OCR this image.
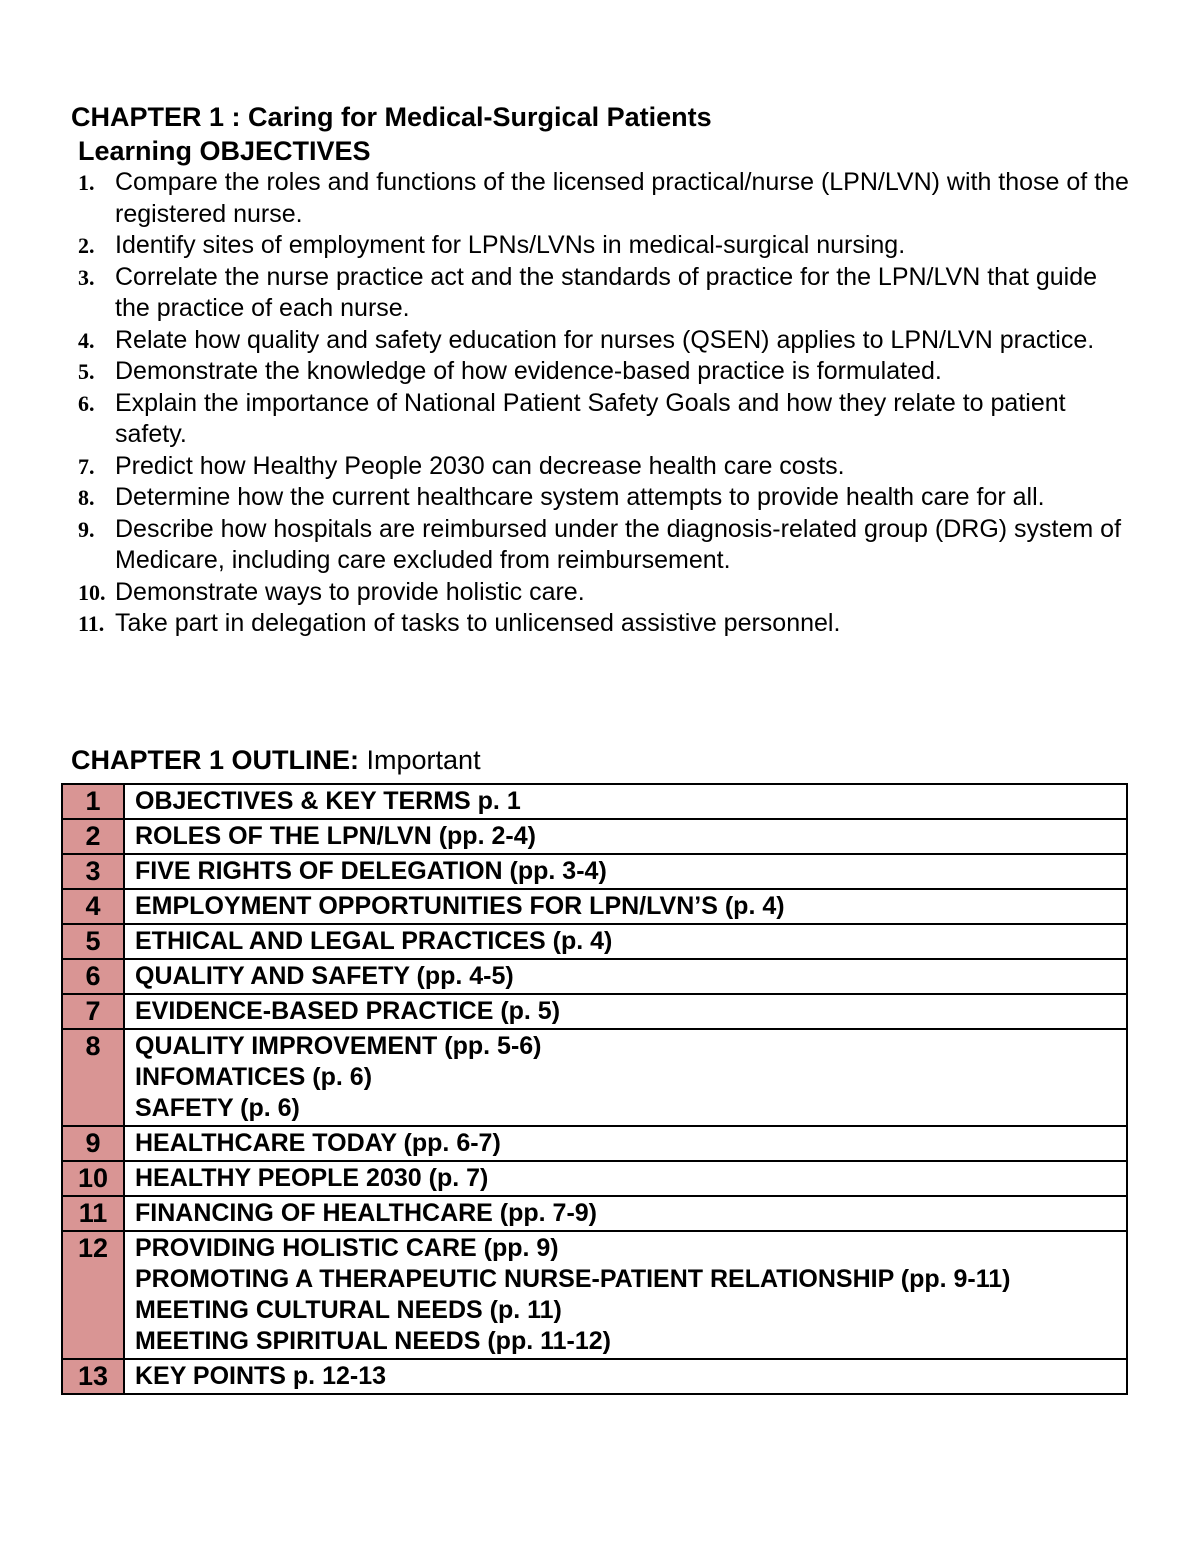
CHAPTER 1 : Caring for Medical-Surgical Patients
Learning OBJECTIVES
1. Compare the roles and functions of the licensed practical/nurse (LPN/LVN) with those of the registered nurse.
2. Identify sites of employment for LPNs/LVNs in medical-surgical nursing.
3. Correlate the nurse practice act and the standards of practice for the LPN/LVN that guide the practice of each nurse.
4. Relate how quality and safety education for nurses (QSEN) applies to LPN/LVN practice.
5. Demonstrate the knowledge of how evidence-based practice is formulated.
6. Explain the importance of National Patient Safety Goals and how they relate to patient safety.
7. Predict how Healthy People 2030 can decrease health care costs.
8. Determine how the current healthcare system attempts to provide health care for all.
9. Describe how hospitals are reimbursed under the diagnosis-related group (DRG) system of Medicare, including care excluded from reimbursement.
10. Demonstrate ways to provide holistic care.
11. Take part in delegation of tasks to unlicensed assistive personnel.
CHAPTER 1 OUTLINE: Important
1	OBJECTIVES & KEY TERMS p. 1

2	ROLES OF THE LPN/LVN (pp. 2-4)

3	FIVE RIGHTS OF DELEGATION (pp. 3-4)

4	EMPLOYMENT OPPORTUNITIES FOR LPN/LVN’S (p. 4)

5	ETHICAL AND LEGAL PRACTICES (p. 4)

6	QUALITY AND SAFETY (pp. 4-5)

7	EVIDENCE-BASED PRACTICE (p. 5)

8	QUALITY IMPROVEMENT (pp. 5-6)
INFOMATICES (p. 6)
SAFETY (p. 6)

9	HEALTHCARE TODAY (pp. 6-7)

10	HEALTHY PEOPLE 2030 (p. 7)

11	FINANCING OF HEALTHCARE (pp. 7-9)

12	PROVIDING HOLISTIC CARE (pp. 9)
PROMOTING A THERAPEUTIC NURSE-PATIENT RELATIONSHIP (pp. 9-11)
MEETING CULTURAL NEEDS (p. 11)
MEETING SPIRITUAL NEEDS (pp. 11-12)

13	KEY POINTS p. 12-13
